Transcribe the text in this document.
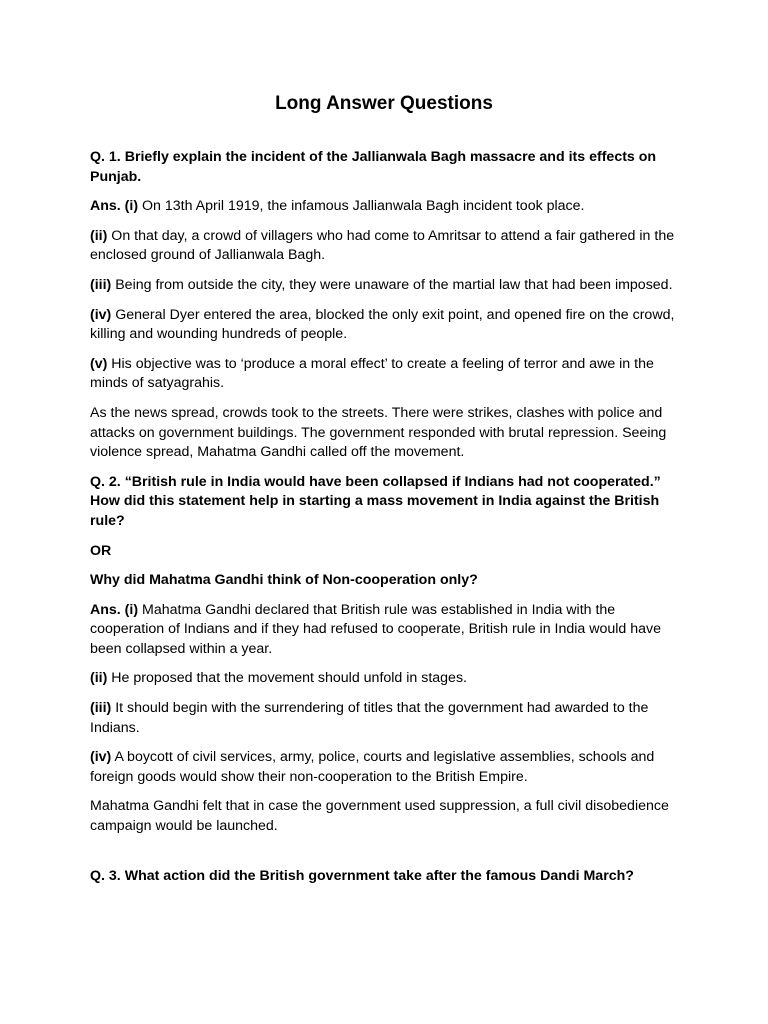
Long Answer Questions

Q. 1. Briefly explain the incident of the Jallianwala Bagh massacre and its effects on Punjab.

Ans. (i) On 13th April 1919, the infamous Jallianwala Bagh incident took place.

(ii) On that day, a crowd of villagers who had come to Amritsar to attend a fair gathered in the enclosed ground of Jallianwala Bagh.

(iii) Being from outside the city, they were unaware of the martial law that had been imposed.

(iv) General Dyer entered the area, blocked the only exit point, and opened fire on the crowd, killing and wounding hundreds of people.

(v) His objective was to ‘produce a moral effect’ to create a feeling of terror and awe in the minds of satyagrahis.

As the news spread, crowds took to the streets. There were strikes, clashes with police and attacks on government buildings. The government responded with brutal repression. Seeing violence spread, Mahatma Gandhi called off the movement.

Q. 2. “British rule in India would have been collapsed if Indians had not cooperated.” How did this statement help in starting a mass movement in India against the British rule?

OR

Why did Mahatma Gandhi think of Non-cooperation only?

Ans. (i) Mahatma Gandhi declared that British rule was established in India with the cooperation of Indians and if they had refused to cooperate, British rule in India would have been collapsed within a year.

(ii) He proposed that the movement should unfold in stages.

(iii) It should begin with the surrendering of titles that the government had awarded to the Indians.

(iv) A boycott of civil services, army, police, courts and legislative assemblies, schools and foreign goods would show their non-cooperation to the British Empire.

Mahatma Gandhi felt that in case the government used suppression, a full civil disobedience campaign would be launched.

Q. 3. What action did the British government take after the famous Dandi March?
